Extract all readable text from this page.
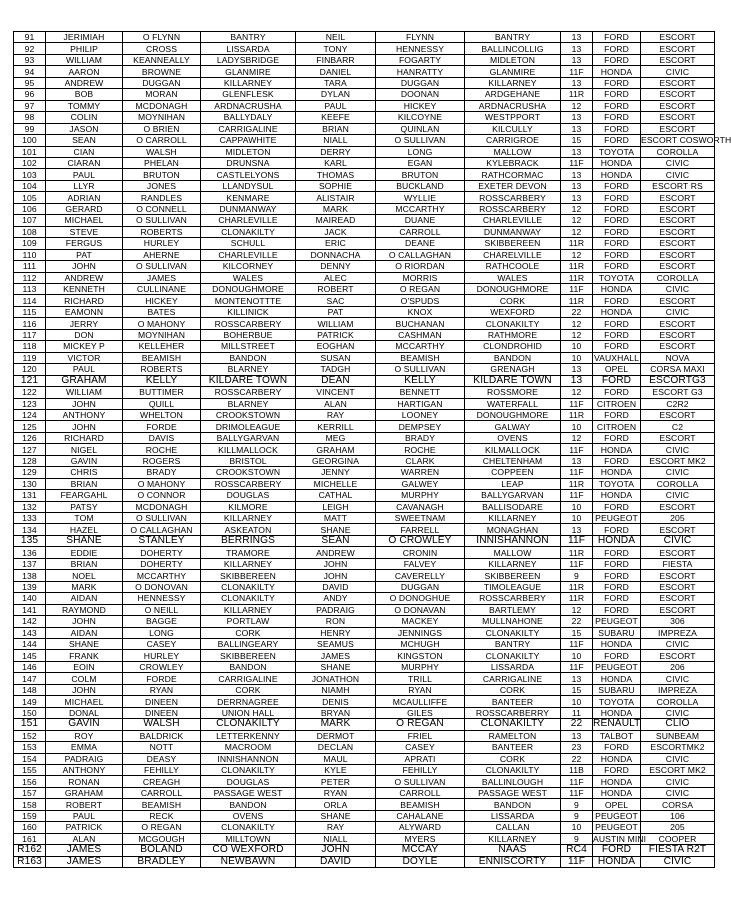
91	JERIMIAH	O FLYNN	BANTRY	NEIL	FLYNN	BANTRY	13	FORD	ESCORT
92	PHILIP	CROSS	LISSARDA	TONY	HENNESSY	BALLINCOLLIG	13	FORD	ESCORT
93	WILLIAM	KEANNEALLY	LADYSBRIDGE	FINBARR	FOGARTY	MIDLETON	13	FORD	ESCORT
94	AARON	BROWNE	GLANMIRE	DANIEL	HANRATTY	GLANMIRE	11F	HONDA	CIVIC
95	ANDREW	DUGGAN	KILLARNEY	TARA	DUGGAN	KILLARNEY	13	FORD	ESCORT
96	BOB	MORAN	GLENFLESK	DYLAN	DOONAN	ARDGEHANE	11R	FORD	ESCORT
97	TOMMY	MCDONAGH	ARDNACRUSHA	PAUL	HICKEY	ARDNACRUSHA	12	FORD	ESCORT
98	COLIN	MOYNIHAN	BALLYDALY	KEEFE	KILCOYNE	WESTPPORT	13	FORD	ESCORT
99	JASON	O BRIEN	CARRIGALINE	BRIAN	QUINLAN	KILCULLY	13	FORD	ESCORT
100	SEAN	O CARROLL	CAPPAWHITE	NIALL	O SULLIVAN	CARRIGROE	15	FORD	ESCORT COSWORTH
101	CIAN	WALSH	MIDLETON	DERRY	LONG	MALLOW	13	TOYOTA	COROLLA
102	CIARAN	PHELAN	DRUNSNA	KARL	EGAN	KYLEBRACK	11F	HONDA	CIVIC
103	PAUL	BRUTON	CASTLELYONS	THOMAS	BRUTON	RATHCORMAC	13	HONDA	CIVIC
104	LLYR	JONES	LLANDYSUL	SOPHIE	BUCKLAND	EXETER DEVON	13	FORD	ESCORT RS
105	ADRIAN	RANDLES	KENMARE	ALISTAIR	WYLLIE	ROSSCARBERY	13	FORD	ESCORT
106	GERARD	O CONNELL	DUNMANWAY	MARK	MCCARTHY	ROSSCARBERY	12	FORD	ESCORT
107	MICHAEL	O SULLIVAN	CHARLEVILLE	MAIREAD	DUANE	CHARLEVILLE	12	FORD	ESCORT
108	STEVE	ROBERTS	CLONAKILTY	JACK	CARROLL	DUNMANWAY	12	FORD	ESCORT
109	FERGUS	HURLEY	SCHULL	ERIC	DEANE	SKIBBEREEN	11R	FORD	ESCORT
110	PAT	AHERNE	CHARLEVILLE	DONNACHA	O CALLAGHAN	CHARELVILLE	12	FORD	ESCORT
111	JOHN	O SULLIVAN	KILCORNEY	DENNY	O RIORDAN	RATHCOOLE	11R	FORD	ESCORT
112	ANDREW	JAMES	WALES	ALEC	MORRIS	WALES	11R	TOYOTA	COROLLA
113	KENNETH	CULLINANE	DONOUGHMORE	ROBERT	O REGAN	DONOUGHMORE	11F	HONDA	CIVIC
114	RICHARD	HICKEY	MONTENOTTTE	SAC	O'SPUDS	CORK	11R	FORD	ESCORT
115	EAMONN	BATES	KILLINICK	PAT	KNOX	WEXFORD	22	HONDA	CIVIC
116	JERRY	O MAHONY	ROSSCARBERY	WILLIAM	BUCHANAN	CLONAKILTY	12	FORD	ESCORT
117	DON	MOYNIHAN	BOHERBUE	PATRICK	CASHMAN	RATHMORE	12	FORD	ESCORT
118	MICKEY P	KELLEHER	MILLSTREET	EOGHAN	MCCARTHY	CLONDROHID	10	FORD	ESCORT
119	VICTOR	BEAMISH	BANDON	SUSAN	BEAMISH	BANDON	10	VAUXHALL	NOVA
120	PAUL	ROBERTS	BLARNEY	TADGH	O SULLIVAN	GRENAGH	13	OPEL	CORSA MAXI
121	GRAHAM	KELLY	KILDARE TOWN	DEAN	KELLY	KILDARE TOWN	13	FORD	ESCORTG3
122	WILLIAM	BUTTIMER	ROSSCARBERY	VINCENT	BENNETT	ROSSMORE	12	FORD	ESCORT G3
123	JOHN	QUILL	BLARNEY	ALAN	HARTIGAN	WATERFALL	11F	CITROEN	C2R2
124	ANTHONY	WHELTON	CROOKSTOWN	RAY	LOONEY	DONOUGHMORE	11R	FORD	ESCORT
125	JOHN	FORDE	DRIMOLEAGUE	KERRILL	DEMPSEY	GALWAY	10	CITROEN	C2
126	RICHARD	DAVIS	BALLYGARVAN	MEG	BRADY	OVENS	12	FORD	ESCORT
127	NIGEL	ROCHE	KILLMALLOCK	GRAHAM	ROCHE	KILMALLOCK	11F	HONDA	CIVIC
128	GAVIN	ROGERS	BRISTOL	GEORGINA	CLARK	CHELTENHAM	13	FORD	ESCORT MK2
129	CHRIS	BRADY	CROOKSTOWN	JENNY	WARREN	COPPEEN	11F	HONDA	CIVIC
130	BRIAN	O MAHONY	ROSSCARBERY	MICHELLE	GALWEY	LEAP	11R	TOYOTA	COROLLA
131	FEARGAHL	O CONNOR	DOUGLAS	CATHAL	MURPHY	BALLYGARVAN	11F	HONDA	CIVIC
132	PATSY	MCDONAGH	KILMORE	LEIGH	CAVANAGH	BALLISODARE	10	FORD	ESCORT
133	TOM	O SULLIVAN	KILLARNEY	MATT	SWEETNAM	KILLARNEY	10	PEUGEOT	205
134	HAZEL	O CALLAGHAN	ASKEATON	SHANE	FARRELL	MONAGHAN	13	FORD	ESCORT
135	SHANE	STANLEY	BERRINGS	SEAN	O CROWLEY	INNISHANNON	11F	HONDA	CIVIC
136	EDDIE	DOHERTY	TRAMORE	ANDREW	CRONIN	MALLOW	11R	FORD	ESCORT
137	BRIAN	DOHERTY	KILLARNEY	JOHN	FALVEY	KILLARNEY	11F	FORD	FIESTA
138	NOEL	MCCARTHY	SKIBBEREEN	JOHN	CAVERELLY	SKIBBEREEN	9	FORD	ESCORT
139	MARK	O DONOVAN	CLONAKILTY	DAVID	DUGGAN	TIMOLEAGUE	11R	FORD	ESCORT
140	AIDAN	HENNESSY	CLONAKILTY	ANDY	O DONOGHUE	ROSSCARBERY	11R	FORD	ESCORT
141	RAYMOND	O NEILL	KILLARNEY	PADRAIG	O DONAVAN	BARTLEMY	12	FORD	ESCORT
142	JOHN	BAGGE	PORTLAW	RON	MACKEY	MULLNAHONE	22	PEUGEOT	306
143	AIDAN	LONG	CORK	HENRY	JENNINGS	CLONAKILTY	15	SUBARU	IMPREZA
144	SHANE	CASEY	BALLINGEARY	SEAMUS	MCHUGH	BANTRY	11F	HONDA	CIVIC
145	FRANK	HURLEY	SKIBBEREEN	JAMES	KINGSTON	CLONAKILTY	10	FORD	ESCORT
146	EOIN	CROWLEY	BANDON	SHANE	MURPHY	LISSARDA	11F	PEUGEOT	206
147	COLM	FORDE	CARRIGALINE	JONATHON	TRILL	CARRIGALINE	13	HONDA	CIVIC
148	JOHN	RYAN	CORK	NIAMH	RYAN	CORK	15	SUBARU	IMPREZA
149	MICHAEL	DINEEN	DERRNAGREE	DENIS	MCAULLIFFE	BANTEER	10	TOYOTA	COROLLA
150	DONAL	DINEEN	UNION HALL	BRYAN	GILES	ROSSCARBERRY	11	HONDA	CIVIC
151	GAVIN	WALSH	CLONAKILTY	MARK	O REGAN	CLONAKILTY	22	RENAULT	CLIO
152	ROY	BALDRICK	LETTERKENNY	DERMOT	FRIEL	RAMELTON	13	TALBOT	SUNBEAM
153	EMMA	NOTT	MACROOM	DECLAN	CASEY	BANTEER	23	FORD	ESCORTMK2
154	PADRAIG	DEASY	INNISHANNON	MAUL	APRATI	CORK	22	HONDA	CIVIC
155	ANTHONY	FEHILLY	CLONAKILTY	KYLE	FEHILLY	CLONAKILTY	11B	FORD	ESCORT MK2
156	RONAN	CREAGH	DOUGLAS	PETER	O SULLIVAN	BALLINLOUGH	11F	HONDA	CIVIC
157	GRAHAM	CARROLL	PASSAGE WEST	RYAN	CARROLL	PASSAGE WEST	11F	HONDA	CIVIC
158	ROBERT	BEAMISH	BANDON	ORLA	BEAMISH	BANDON	9	OPEL	CORSA
159	PAUL	RECK	OVENS	SHANE	CAHALANE	LISSARDA	9	PEUGEOT	106
160	PATRICK	O REGAN	CLONAKILTY	RAY	ALYWARD	CALLAN	10	PEUGEOT	205
161	ALAN	MCGOUGH	MILLTOWN	NIALL	MYERS	KILLARNEY	9	AUSTIN MINI	COOPER
R162	JAMES	BOLAND	CO WEXFORD	JOHN	MCCAY	NAAS	RC4	FORD	FIESTA R2T
R163	JAMES	BRADLEY	NEWBAWN	DAVID	DOYLE	ENNISCORTY	11F	HONDA	CIVIC
